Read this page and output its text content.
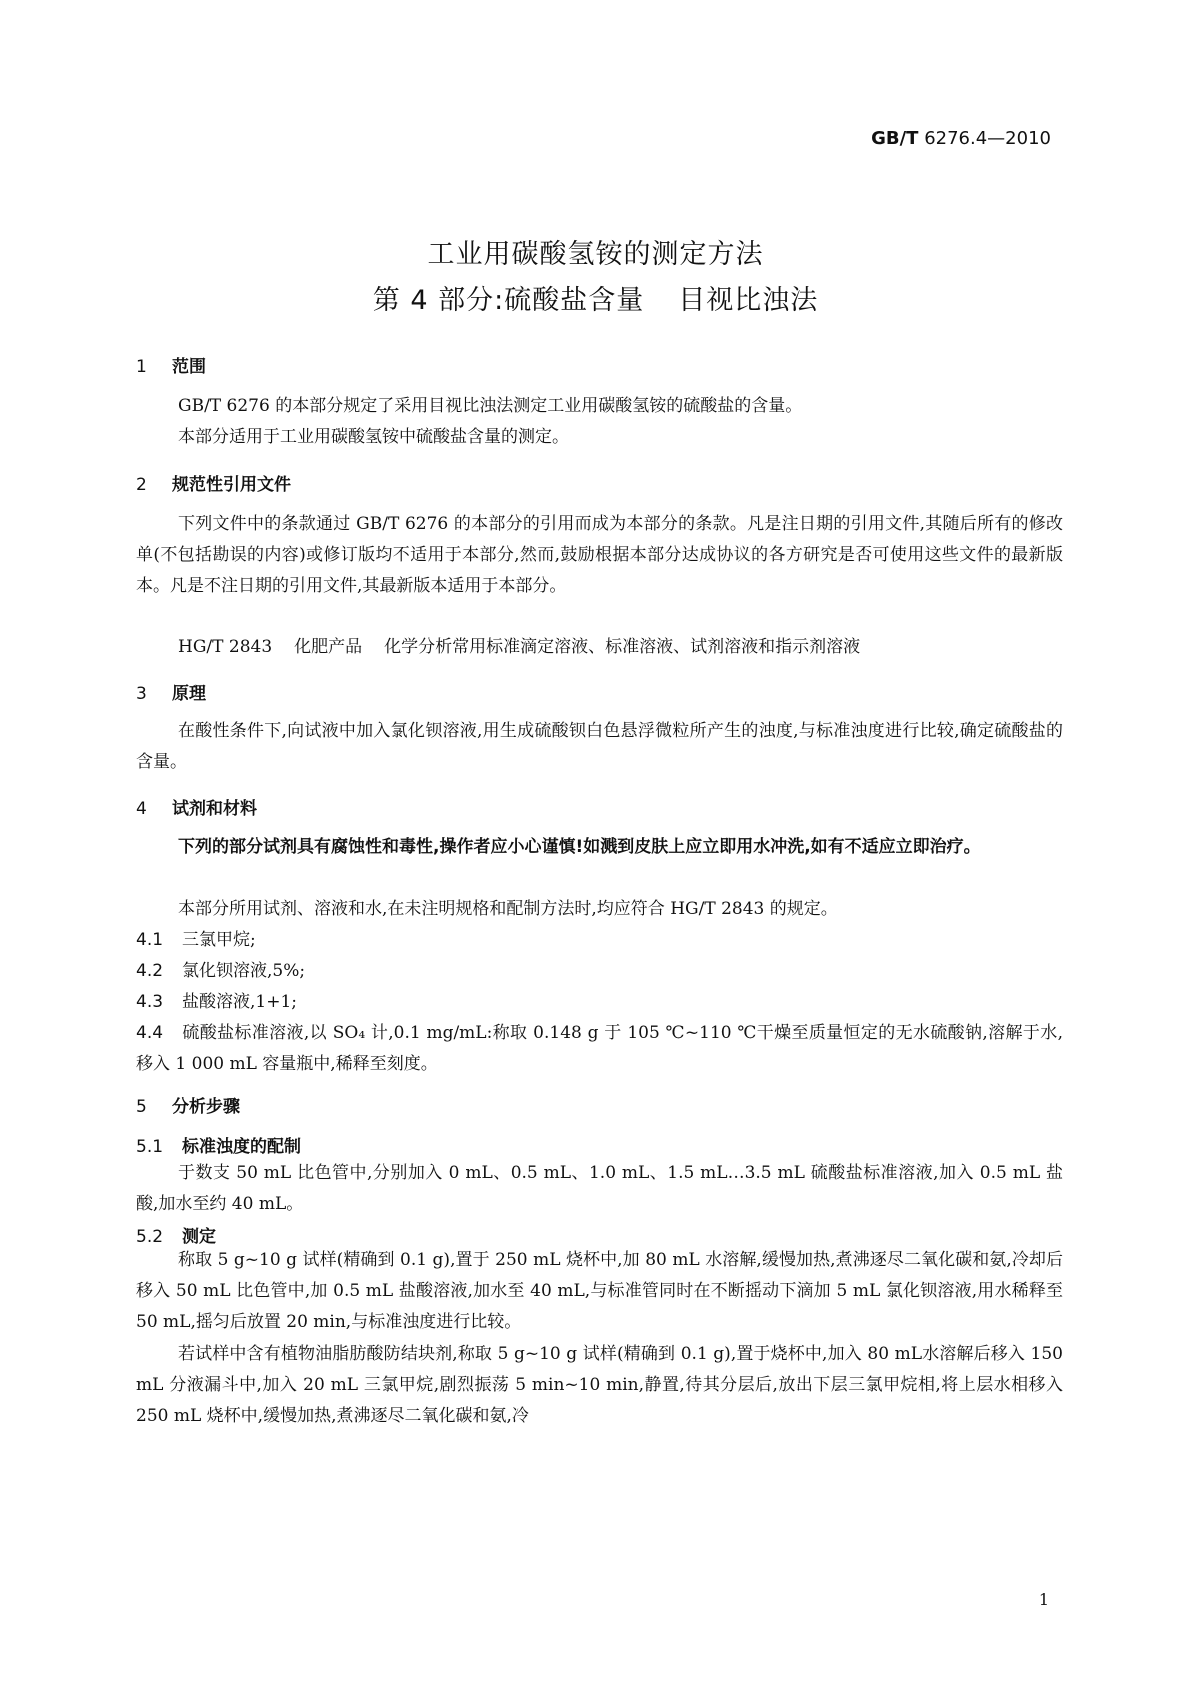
GB/T 6276.4—2010
工业用碳酸氢铵的测定方法
第 4 部分:硫酸盐含量 目视比浊法
1 范围
GB/T 6276 的本部分规定了采用目视比浊法测定工业用碳酸氢铵的硫酸盐的含量。
本部分适用于工业用碳酸氢铵中硫酸盐含量的测定。
2 规范性引用文件
下列文件中的条款通过 GB/T 6276 的本部分的引用而成为本部分的条款。凡是注日期的引用文件,其随后所有的修改单(不包括勘误的内容)或修订版均不适用于本部分,然而,鼓励根据本部分达成协议的各方研究是否可使用这些文件的最新版本。凡是不注日期的引用文件,其最新版本适用于本部分。
HG/T 2843 化肥产品 化学分析常用标准滴定溶液、标准溶液、试剂溶液和指示剂溶液
3 原理
在酸性条件下,向试液中加入氯化钡溶液,用生成硫酸钡白色悬浮微粒所产生的浊度,与标准浊度进行比较,确定硫酸盐的含量。
4 试剂和材料
下列的部分试剂具有腐蚀性和毒性,操作者应小心谨慎!如溅到皮肤上应立即用水冲洗,如有不适应立即治疗。
本部分所用试剂、溶液和水,在未注明规格和配制方法时,均应符合 HG/T 2843 的规定。
4.1 三氯甲烷;
4.2 氯化钡溶液,5%;
4.3 盐酸溶液,1+1;
4.4 硫酸盐标准溶液,以 SO₄ 计,0.1 mg/mL:称取 0.148 g 于 105 ℃~110 ℃干燥至质量恒定的无水硫酸钠,溶解于水,移入 1 000 mL 容量瓶中,稀释至刻度。
5 分析步骤
5.1 标准浊度的配制
于数支 50 mL 比色管中,分别加入 0 mL、0.5 mL、1.0 mL、1.5 mL…3.5 mL 硫酸盐标准溶液,加入 0.5 mL 盐酸,加水至约 40 mL。
5.2 测定
称取 5 g~10 g 试样(精确到 0.1 g),置于 250 mL 烧杯中,加 80 mL 水溶解,缓慢加热,煮沸逐尽二氧化碳和氨,冷却后移入 50 mL 比色管中,加 0.5 mL 盐酸溶液,加水至 40 mL,与标准管同时在不断摇动下滴加 5 mL 氯化钡溶液,用水稀释至 50 mL,摇匀后放置 20 min,与标准浊度进行比较。
若试样中含有植物油脂肪酸防结块剂,称取 5 g~10 g 试样(精确到 0.1 g),置于烧杯中,加入 80 mL水溶解后移入 150 mL 分液漏斗中,加入 20 mL 三氯甲烷,剧烈振荡 5 min~10 min,静置,待其分层后,放出下层三氯甲烷相,将上层水相移入 250 mL 烧杯中,缓慢加热,煮沸逐尽二氧化碳和氨,冷
1
